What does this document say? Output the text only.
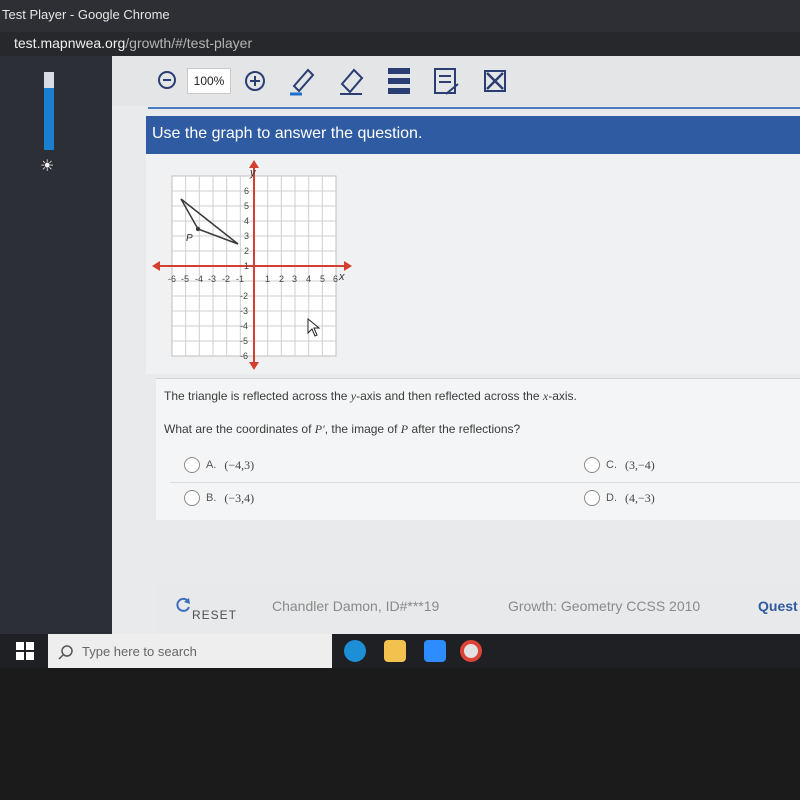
Test Player - Google Chrome
test.mapnwea.org/growth/#/test-player
☀
100%
Use the graph to answer the question.
P
y
x
-6 -5 -4 -3 -2 -1 1 2 3 4 5 6
6
5
4
3
2
1
-2
-3
-4
-5
-6
The triangle is reflected across the y-axis and then reflected across the x-axis.
What are the coordinates of P′, the image of P after the reflections?
A. (−4,3)	C. (3,−4)
B. (−3,4)	D. (4,−3)
RESET
Chandler Damon, ID#***19	Growth: Geometry CCSS 2010	Quest
Type here to search
